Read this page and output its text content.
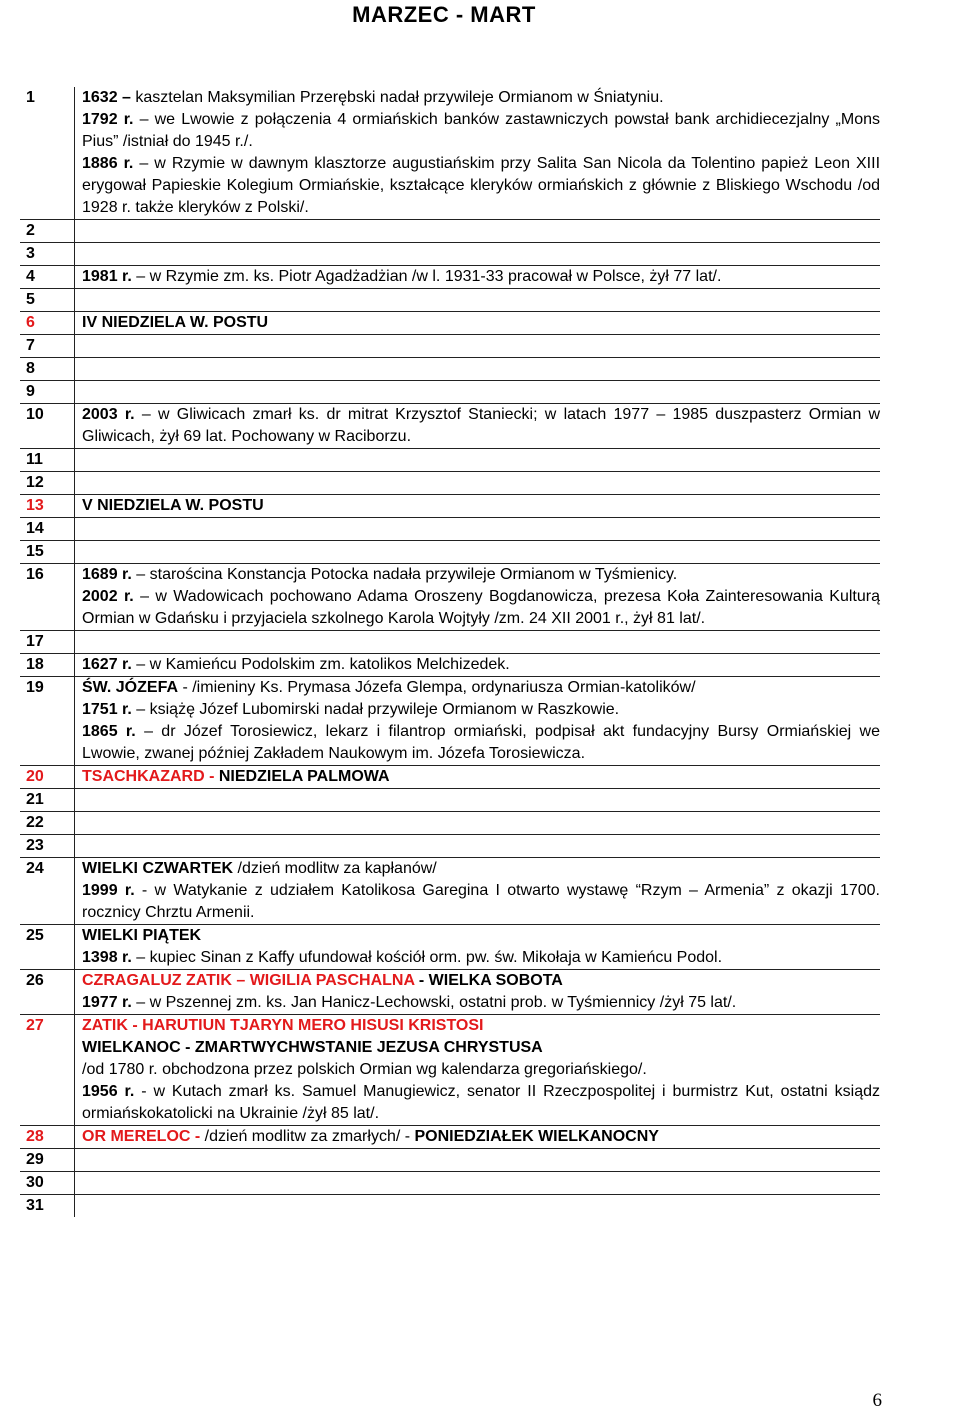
MARZEC - MART
1	1632 – kasztelan Maksymilian Przerębski nadał przywileje Ormianom w Śniatyniu.
1792 r. – we Lwowie z połączenia 4 ormiańskich banków zastawniczych powstał bank archidiecezjalny „Mons Pius” /istniał do 1945 r./.
1886 r. – w Rzymie w dawnym klasztorze augustiańskim przy Salita San Nicola da Tolentino papież Leon XIII erygował Papieskie Kolegium Ormiańskie, kształcące kleryków ormiańskich z głównie z Bliskiego Wschodu /od 1928 r. także kleryków z Polski/.
2
3
4	1981 r. – w Rzymie zm. ks. Piotr Agadżadżian /w l. 1931-33 pracował w Polsce, żył 77 lat/.
5
6	IV NIEDZIELA W. POSTU
7
8
9
10	2003 r. – w Gliwicach zmarł ks. dr mitrat Krzysztof Staniecki; w latach 1977 – 1985 duszpasterz Ormian w Gliwicach, żył 69 lat. Pochowany w Raciborzu.
11
12
13	V NIEDZIELA W. POSTU
14
15
16	1689 r. – starościna Konstancja Potocka nadała przywileje Ormianom w Tyśmienicy.
2002 r. – w Wadowicach pochowano Adama Oroszeny Bogdanowicza, prezesa Koła Zainteresowania Kulturą Ormian w Gdańsku i przyjaciela szkolnego Karola Wojtyły /zm. 24 XII 2001 r., żył 81 lat/.
17
18	1627 r. – w Kamieńcu Podolskim zm. katolikos Melchizedek.
19	ŚW. JÓZEFA - /imieniny Ks. Prymasa Józefa Glempa, ordynariusza Ormian-katolików/
1751 r. – książę Józef Lubomirski nadał przywileje Ormianom w Raszkowie.
1865 r. – dr Józef Torosiewicz, lekarz i filantrop ormiański, podpisał akt fundacyjny Bursy Ormiańskiej we Lwowie, zwanej później Zakładem Naukowym im. Józefa Torosiewicza.
20	TSACHKAZARD - NIEDZIELA PALMOWA
21
22
23
24	WIELKI CZWARTEK /dzień modlitw za kapłanów/
1999 r. - w Watykanie z udziałem Katolikosa Garegina I otwarto wystawę “Rzym – Armenia” z okazji 1700. rocznicy Chrztu Armenii.
25	WIELKI PIĄTEK
1398 r. – kupiec Sinan z Kaffy ufundował kościół orm. pw. św. Mikołaja w Kamieńcu Podol.
26	CZRAGALUZ ZATIK – WIGILIA PASCHALNA - WIELKA SOBOTA
1977 r. – w Pszennej zm. ks. Jan Hanicz-Lechowski, ostatni prob. w Tyśmiennicy /żył 75 lat/.
27	ZATIK - HARUTIUN TJARYN MERO HISUSI KRISTOSI
WIELKANOC - ZMARTWYCHWSTANIE JEZUSA CHRYSTUSA
/od 1780 r. obchodzona przez polskich Ormian wg kalendarza gregoriańskiego/.
1956 r. - w Kutach zmarł ks. Samuel Manugiewicz, senator II Rzeczpospolitej i burmistrz Kut, ostatni ksiądz ormiańskokatolicki na Ukrainie /żył 85 lat/.
28	OR MERELOC - /dzień modlitw za zmarłych/ - PONIEDZIAŁEK WIELKANOCNY
29
30
31
6
